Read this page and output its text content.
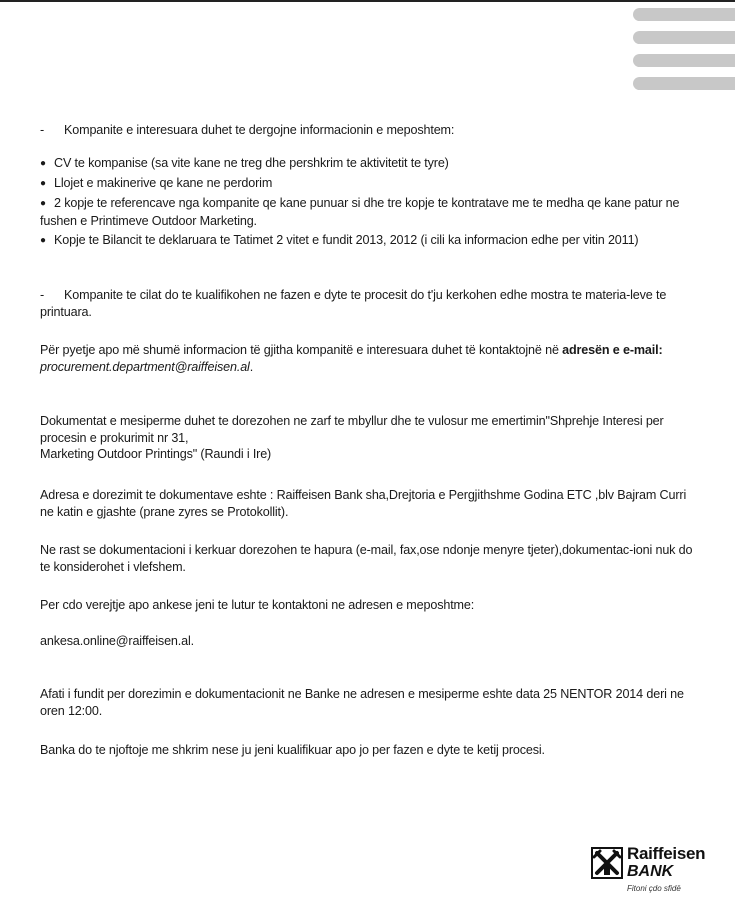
- Kompanite e interesuara duhet te dergojne informacionin e meposhtem:

● CV te kompanise (sa vite kane ne treg dhe pershkrim te aktivitetit te tyre)

● Llojet e makinerive qe kane ne perdorim

● 2 kopje te referencave nga kompanite qe kane punuar si dhe tre kopje te kontratave me te medha qe kane patur ne fushen e Printimeve Outdoor Marketing.

● Kopje te Bilancit te deklaruara te Tatimet 2 vitet e fundit 2013, 2012 (i cili ka informacion edhe per vitin 2011)

- Kompanite te cilat do te kualifikohen ne fazen e dyte te procesit do t'ju kerkohen edhe mostra te materia-leve te printuara.

Për pyetje apo më shumë informacion të gjitha kompanitë e interesuara duhet të kontaktojnë në adresën e e-mail: procurement.department@raiffeisen.al.

Dokumentat e mesiperme duhet te dorezohen ne zarf te mbyllur dhe te vulosur me emertimin"Shprehje Interesi per procesin e prokurimit nr 31,
Marketing Outdoor Printings" (Raundi i Ire)

Adresa e dorezimit te dokumentave eshte : Raiffeisen Bank sha,Drejtoria e Pergjithshme Godina ETC ,blv Bajram Curri ne katin e gjashte (prane zyres se Protokollit).

Ne rast se dokumentacioni i kerkuar dorezohen te hapura (e-mail, fax,ose ndonje menyre tjeter),dokumentac-ioni nuk do te konsiderohet i vlefshem.

Per cdo verejtje apo ankese jeni te lutur te kontaktoni ne adresen e meposhtme:

ankesa.online@raiffeisen.al.

Afati i fundit per dorezimin e dokumentacionit ne Banke ne adresen e mesiperme eshte data 25 NENTOR 2014 deri ne oren 12:00.

Banka do te njoftoje me shkrim nese ju jeni kualifikuar apo jo per fazen e dyte te ketij procesi.

Raiffeisen
BANK
Fitoni çdo sfidë
